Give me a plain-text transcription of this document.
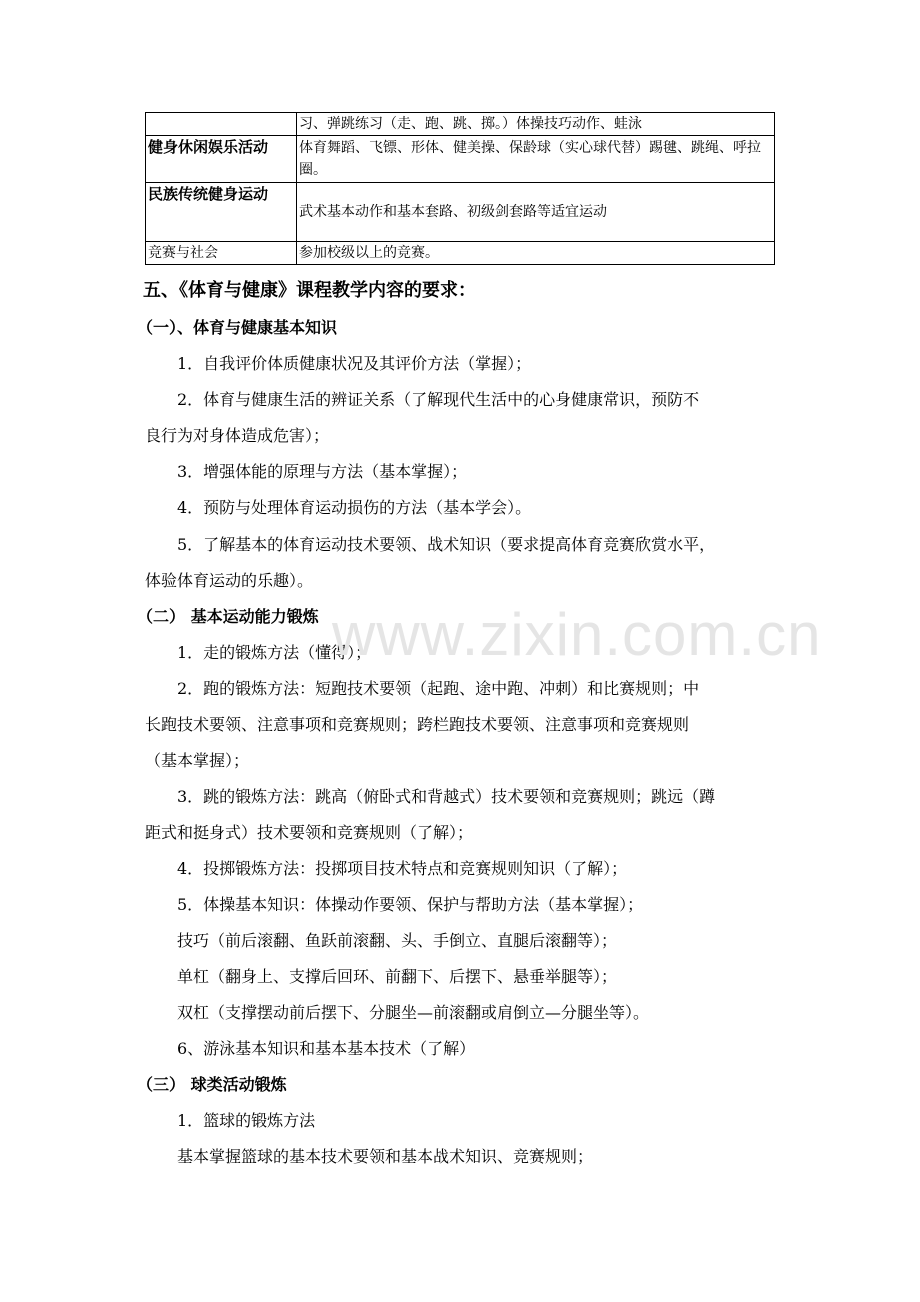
	习、弹跳练习（走、跑、跳、掷。）体操技巧动作、蛙泳
健身休闲娱乐活动	体育舞蹈、飞镖、形体、健美操、保龄球（实心球代替）踢毽、跳绳、呼拉圈。
民族传统健身运动	武术基本动作和基本套路、初级剑套路等适宜运动
竞赛与社会	参加校级以上的竞赛。
五、《体育与健康》课程教学内容的要求：
（一）、体育与健康基本知识
1．自我评价体质健康状况及其评价方法（掌握）；
2．体育与健康生活的辨证关系（了解现代生活中的心身健康常识，预防不
良行为对身体造成危害）；
3．增强体能的原理与方法（基本掌握）；
4．预防与处理体育运动损伤的方法（基本学会）。
5．了解基本的体育运动技术要领、战术知识（要求提高体育竞赛欣赏水平，
体验体育运动的乐趣）。
（二） 基本运动能力锻炼
1．走的锻炼方法（懂得）；
2．跑的锻炼方法：短跑技术要领（起跑、途中跑、冲刺）和比赛规则；中
长跑技术要领、注意事项和竞赛规则；跨栏跑技术要领、注意事项和竞赛规则
（基本掌握）；
3．跳的锻炼方法：跳高（俯卧式和背越式）技术要领和竞赛规则；跳远（蹲
距式和挺身式）技术要领和竞赛规则（了解）；
4．投掷锻炼方法：投掷项目技术特点和竞赛规则知识（了解）；
5．体操基本知识：体操动作要领、保护与帮助方法（基本掌握）；
技巧（前后滚翻、鱼跃前滚翻、头、手倒立、直腿后滚翻等）；
单杠（翻身上、支撑后回环、前翻下、后摆下、悬垂举腿等）；
双杠（支撑摆动前后摆下、分腿坐—前滚翻或肩倒立—分腿坐等）。
6、游泳基本知识和基本基本技术（了解）
（三） 球类活动锻炼
1．篮球的锻炼方法
基本掌握篮球的基本技术要领和基本战术知识、竞赛规则；
www.zixin.com.cn
